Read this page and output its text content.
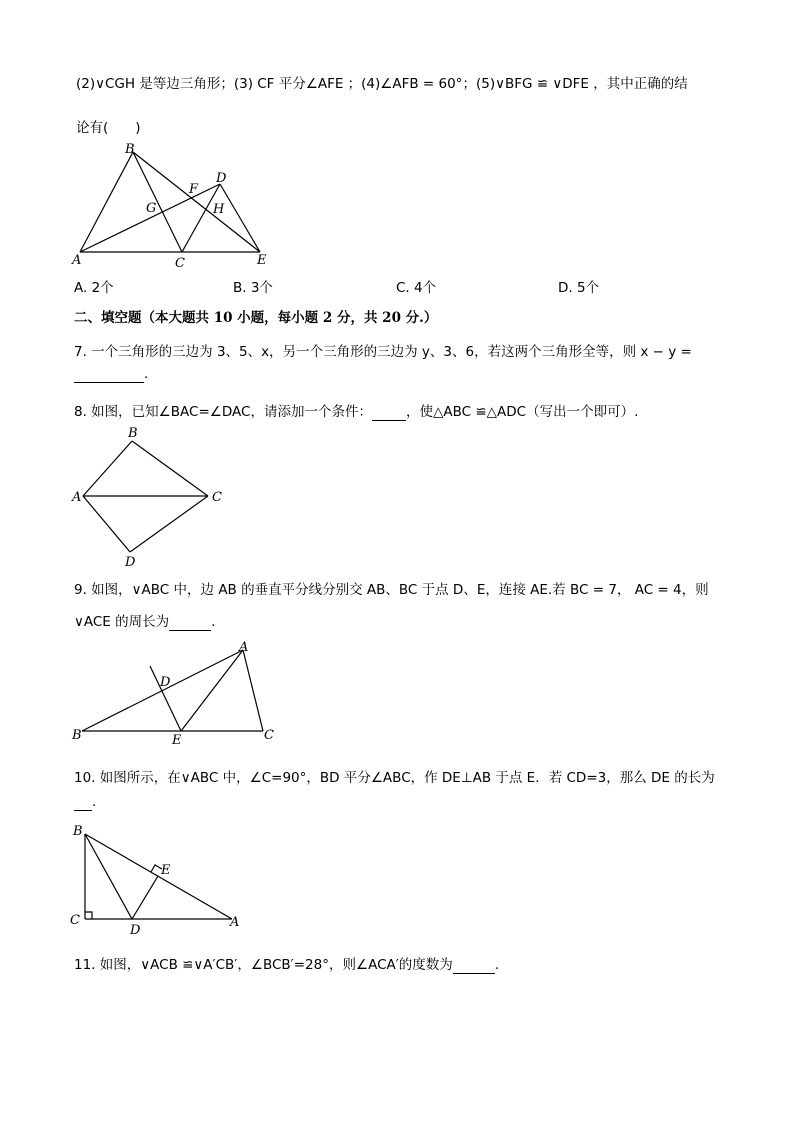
(2)∨CGH 是等边三角形；(3) CF 平分∠AFE ；(4)∠AFB = 60°；(5)∨BFG ≌ ∨DFE ，其中正确的结
论有(　　)
B
D
F
G	H
A	C	E
A. 2个	B. 3个	C. 4个	D. 5个
二、填空题（本大题共 10 小题，每小题 2 分，共 20 分.）
7. 一个三角形的三边为 3、5、x，另一个三角形的三边为 y、3、6，若这两个三角形全等，则 x − y =
.
8. 如图，已知∠BAC=∠DAC，请添加一个条件：	，使△ABC ≌△ADC（写出一个即可）.
B
A	C
D
9. 如图，∨ABC 中，边 AB 的垂直平分线分别交 AB、BC 于点 D、E，连接 AE.若 BC = 7， AC = 4，则
∨ACE 的周长为	.
A
D
B	E	C
10. 如图所示，在∨ABC 中，∠C=90°，BD 平分∠ABC，作 DE⊥AB 于点 E．若 CD=3，那么 DE 的长为
.
B
E
C
D
A
11. 如图，∨ACB ≌∨A′CB′，∠BCB′=28°，则∠ACA′的度数为	.
